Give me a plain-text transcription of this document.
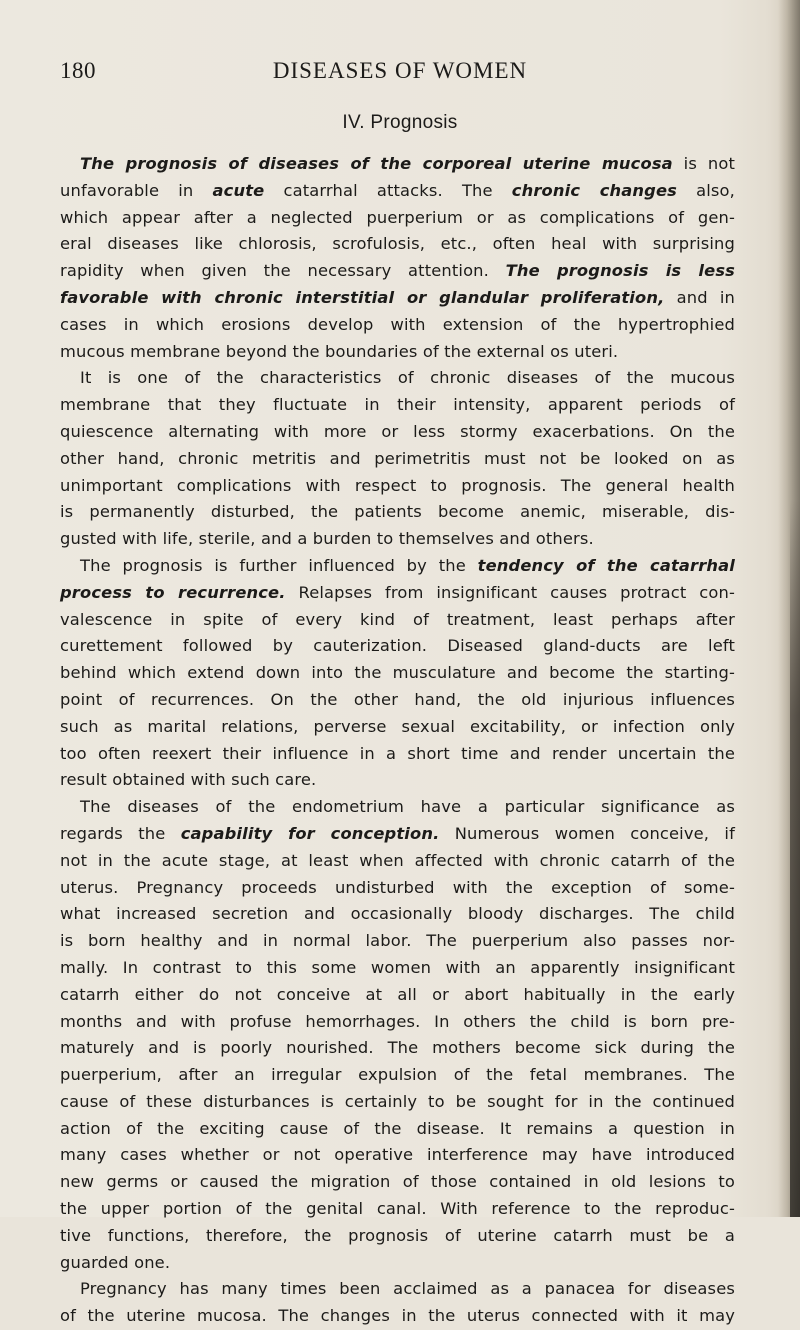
180	DISEASES OF WOMEN
IV. Prognosis
The prognosis of diseases of the corporeal uterine mucosa is not
unfavorable in acute catarrhal attacks. The chronic changes also,
which appear after a neglected puerperium or as complications of gen-
eral diseases like chlorosis, scrofulosis, etc., often heal with surprising
rapidity when given the necessary attention. The prognosis is less
favorable with chronic interstitial or glandular proliferation, and in
cases in which erosions develop with extension of the hypertrophied
mucous membrane beyond the boundaries of the external os uteri.
It is one of the characteristics of chronic diseases of the mucous
membrane that they fluctuate in their intensity, apparent periods of
quiescence alternating with more or less stormy exacerbations. On the
other hand, chronic metritis and perimetritis must not be looked on as
unimportant complications with respect to prognosis. The general health
is permanently disturbed, the patients become anemic, miserable, dis-
gusted with life, sterile, and a burden to themselves and others.
The prognosis is further influenced by the tendency of the catarrhal
process to recurrence. Relapses from insignificant causes protract con-
valescence in spite of every kind of treatment, least perhaps after
curettement followed by cauterization. Diseased gland-ducts are left
behind which extend down into the musculature and become the starting-
point of recurrences. On the other hand, the old injurious influences
such as marital relations, perverse sexual excitability, or infection only
too often reexert their influence in a short time and render uncertain the
result obtained with such care.
The diseases of the endometrium have a particular significance as
regards the capability for conception. Numerous women conceive, if
not in the acute stage, at least when affected with chronic catarrh of the
uterus. Pregnancy proceeds undisturbed with the exception of some-
what increased secretion and occasionally bloody discharges. The child
is born healthy and in normal labor. The puerperium also passes nor-
mally. In contrast to this some women with an apparently insignificant
catarrh either do not conceive at all or abort habitually in the early
months and with profuse hemorrhages. In others the child is born pre-
maturely and is poorly nourished. The mothers become sick during the
puerperium, after an irregular expulsion of the fetal membranes. The
cause of these disturbances is certainly to be sought for in the continued
action of the exciting cause of the disease. It remains a question in
many cases whether or not operative interference may have introduced
new germs or caused the migration of those contained in old lesions to
the upper portion of the genital canal. With reference to the reproduc-
tive functions, therefore, the prognosis of uterine catarrh must be a
guarded one.
Pregnancy has many times been acclaimed as a panacea for diseases
of the uterine mucosa. The changes in the uterus connected with it may
